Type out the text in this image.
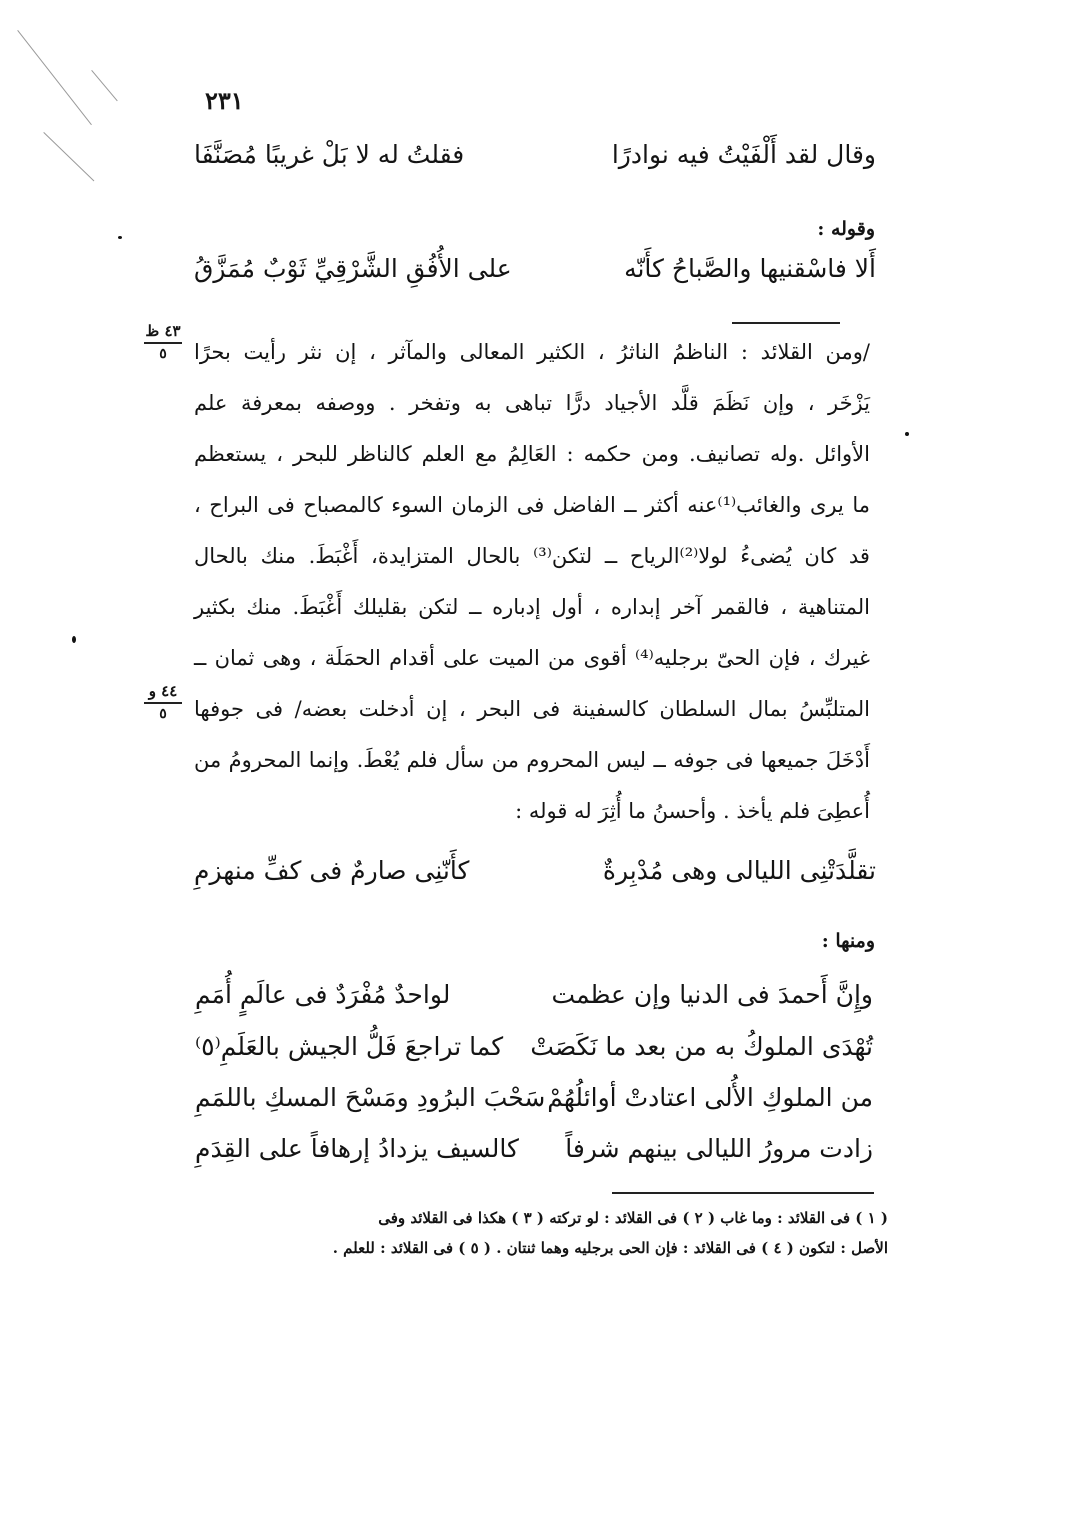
٢٣١
وقال لقد أَلْفَيْتُ فيه نوادرًا
فقلتُ له لا بَلْ غريبًا مُصَنَّفَا
وقوله :
أَلا فاسْقنيها والصَّباحُ كأَنّه
على الأُفُقِ الشَّرْقِيِّ ثَوْبٌ مُمَزَّقُ
/ومن القلائد : الناظمُ الناثرُ ، الكثير المعالى والمآثر ، إن نثر رأيت بحرًا
يَزْخَر ، وإن نَظَمَ قلَّد الأجياد درًّا تباهى به وتفخر . ووصفه بمعرفة علم
الأوائل .وله تصانيف. ومن حكمه : العَالِمُ مع العلم كالناظر للبحر ، يستعظم
ما يرى والغائب⁽¹⁾عنه أكثر ــ الفاضل فى الزمان السوء كالمصباح فى البراح ،
قد كان يُضىءُ لولا⁽²⁾الرياح ــ لتكن⁽³⁾ بالحال المتزايدة، أَغْبَطَ. منك بالحال
المتناهية ، فالقمر آخر إبداره ، أول إدباره ــ لتكن بقليلك أَغْبَطَ. منك بكثير
غيرك ، فإن الحىّ برجليه⁽⁴⁾ أقوى من الميت على أقدام الحمَلَة ، وهى ثمان ــ
المتلبِّسُ بمال السلطان كالسفينة فى البحر ، إن أدخلت بعضه/ فى جوفها
أَدْخَلَ جميعها فى جوفه ــ ليس المحروم من سأل فلم يُعْطَ. وإنما المحرومُ من
أُعطِىَ فلم يأخذ . وأحسنُ ما أُثِرَ له قوله :
٤٣ ظ
٥
٤٤ و
٥
تقلَّدَتْنِى الليالى وهى مُدْبِرةٌ
كأَنّنِى صارمٌ فى كفِّ منهزمِ
ومنها :
وإِنَّ أَحمدَ فى الدنيا وإن عظمت
لواحدٌ مُفْرَدٌ فى عالَمٍ أُمَمِ
تُهْدَى الملوكُ به من بعد ما نَكَصَتْ
كما تراجعَ فَلُّ الجيش بالعَلَمِ⁽٥⁾
من الملوكِ الأُلى اعتادتْ أوائلُهُمْ
سَحْبَ البرُودِ ومَسْحَ المسكِ باللمَمِ
زادت مرورُ الليالى بينهم شرفاً
كالسيف يزدادُ إرهافاً على القِدَمِ
( ١ ) فى القلائد : وما غاب ( ٢ ) فى القلائد : لو تركته ( ٣ ) هكذا فى القلائد وفى
الأصل : لتكون ( ٤ ) فى القلائد : فإن الحى برجليه وهما ثنتان . ( ٥ ) فى القلائد : للعلم .
